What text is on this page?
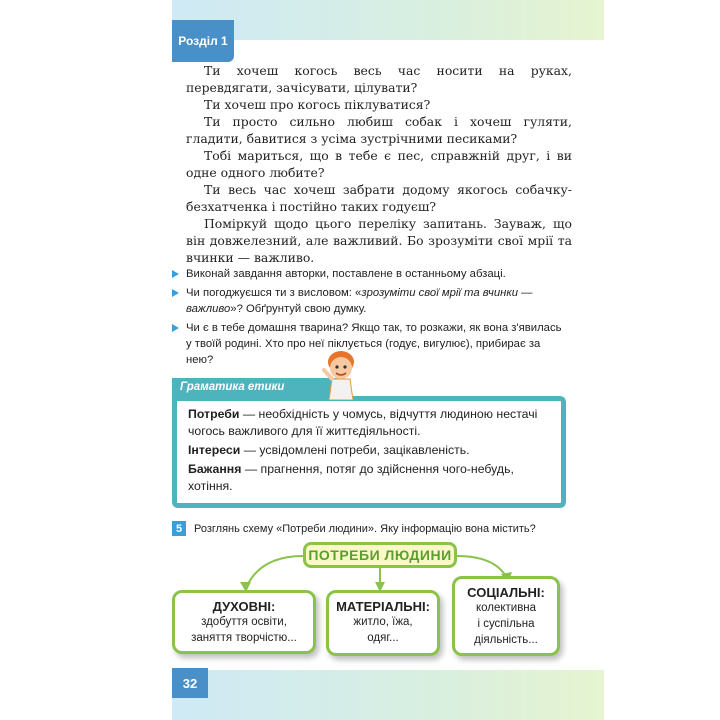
Розділ 1

Ти хочеш когось весь час носити на руках, перевдягати, зачісувати, цілувати?

Ти хочеш про когось піклуватися?

Ти просто сильно любиш собак і хочеш гуляти, гладити, бавитися з усіма зустрічними песиками?

Тобі мариться, що в тебе є пес, справжній друг, і ви одне одного любите?

Ти весь час хочеш забрати додому якогось собачку-безхатченка і постійно таких годуєш?

Поміркуй щодо цього переліку запитань. Зауваж, що він довжелезний, але важливий. Бо зрозуміти свої мрії та вчинки — важливо.

Виконай завдання авторки, поставлене в останньому абзаці.
Чи погоджуєшся ти з висловом: «зрозуміти свої мрії та вчинки — важливо»? Обґрунтуй свою думку.
Чи є в тебе домашня тварина? Якщо так, то розкажи, як вона з'явилась у твоїй родині. Хто про неї піклується (годує, вигулює), прибирає за нею?
Граматика етики

Потреби — необхідність у чомусь, відчуття людиною нестачі чогось важливого для її життєдіяльності.

Інтереси — усвідомлені потреби, зацікавленість.

Бажання — прагнення, потяг до здійснення чого-небудь, хотіння.

5	Розглянь схему «Потреби людини». Яку інформацію вона містить?
ПОТРЕБИ ЛЮДИНИ
ДУХОВНІ:
здобуття освіти,
заняття творчістю...
МАТЕРІАЛЬНІ:
житло, їжа,
одяг...
СОЦІАЛЬНІ:
колективна
і суспільна
діяльність...
32
